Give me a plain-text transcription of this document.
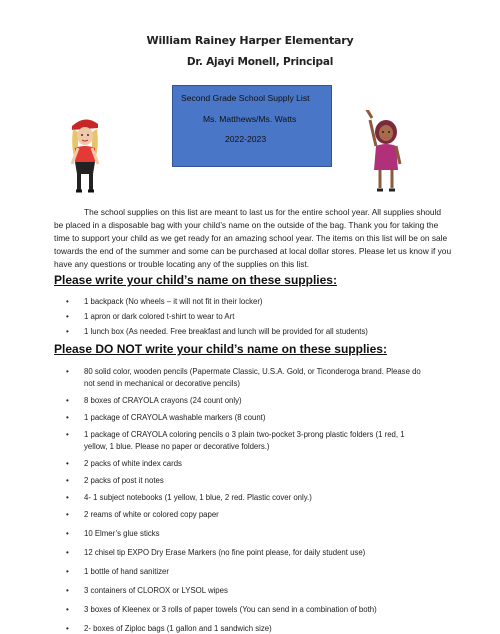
William Rainey Harper Elementary
Dr. Ajayi Monell, Principal
Second Grade School Supply List
Ms. Matthews/Ms. Watts
2022-2023
The school supplies on this list are meant to last us for the entire school year. All supplies should be placed in a disposable bag with your child’s name on the outside of the bag. Thank you for taking the time to support your child as we get ready for an amazing school year. The items on this list will be on sale towards the end of the summer and some can be purchased at local dollar stores. Please let us know if you have any questions or trouble locating any of the supplies on this list.
Please write your child’s name on these supplies:
• 1 backpack (No wheels – it will not fit in their locker)
• 1 apron or dark colored t-shirt to wear to Art
• 1 lunch box (As needed. Free breakfast and lunch will be provided for all students)
Please DO NOT write your child’s name on these supplies:
• 80 solid color, wooden pencils (Papermate Classic, U.S.A. Gold, or Ticonderoga brand. Please do
not send in mechanical or decorative pencils)
• 8 boxes of CRAYOLA crayons (24 count only)
• 1 package of CRAYOLA washable markers (8 count)
• 1 package of CRAYOLA coloring pencils o 3 plain two-pocket 3-prong plastic folders (1 red, 1
yellow, 1 blue. Please no paper or decorative folders.)
• 2 packs of white index cards
• 2 packs of post it notes
• 4- 1 subject notebooks (1 yellow, 1 blue, 2 red. Plastic cover only.)
• 2 reams of white or colored copy paper
• 10 Elmer’s glue sticks
• 12 chisel tip EXPO Dry Erase Markers (no fine point please, for daily student use)
• 1 bottle of hand sanitizer
• 3 containers of CLOROX or LYSOL wipes
• 3 boxes of Kleenex or 3 rolls of paper towels (You can send in a combination of both)
• 2- boxes of Ziploc bags (1 gallon and 1 sandwich size)
